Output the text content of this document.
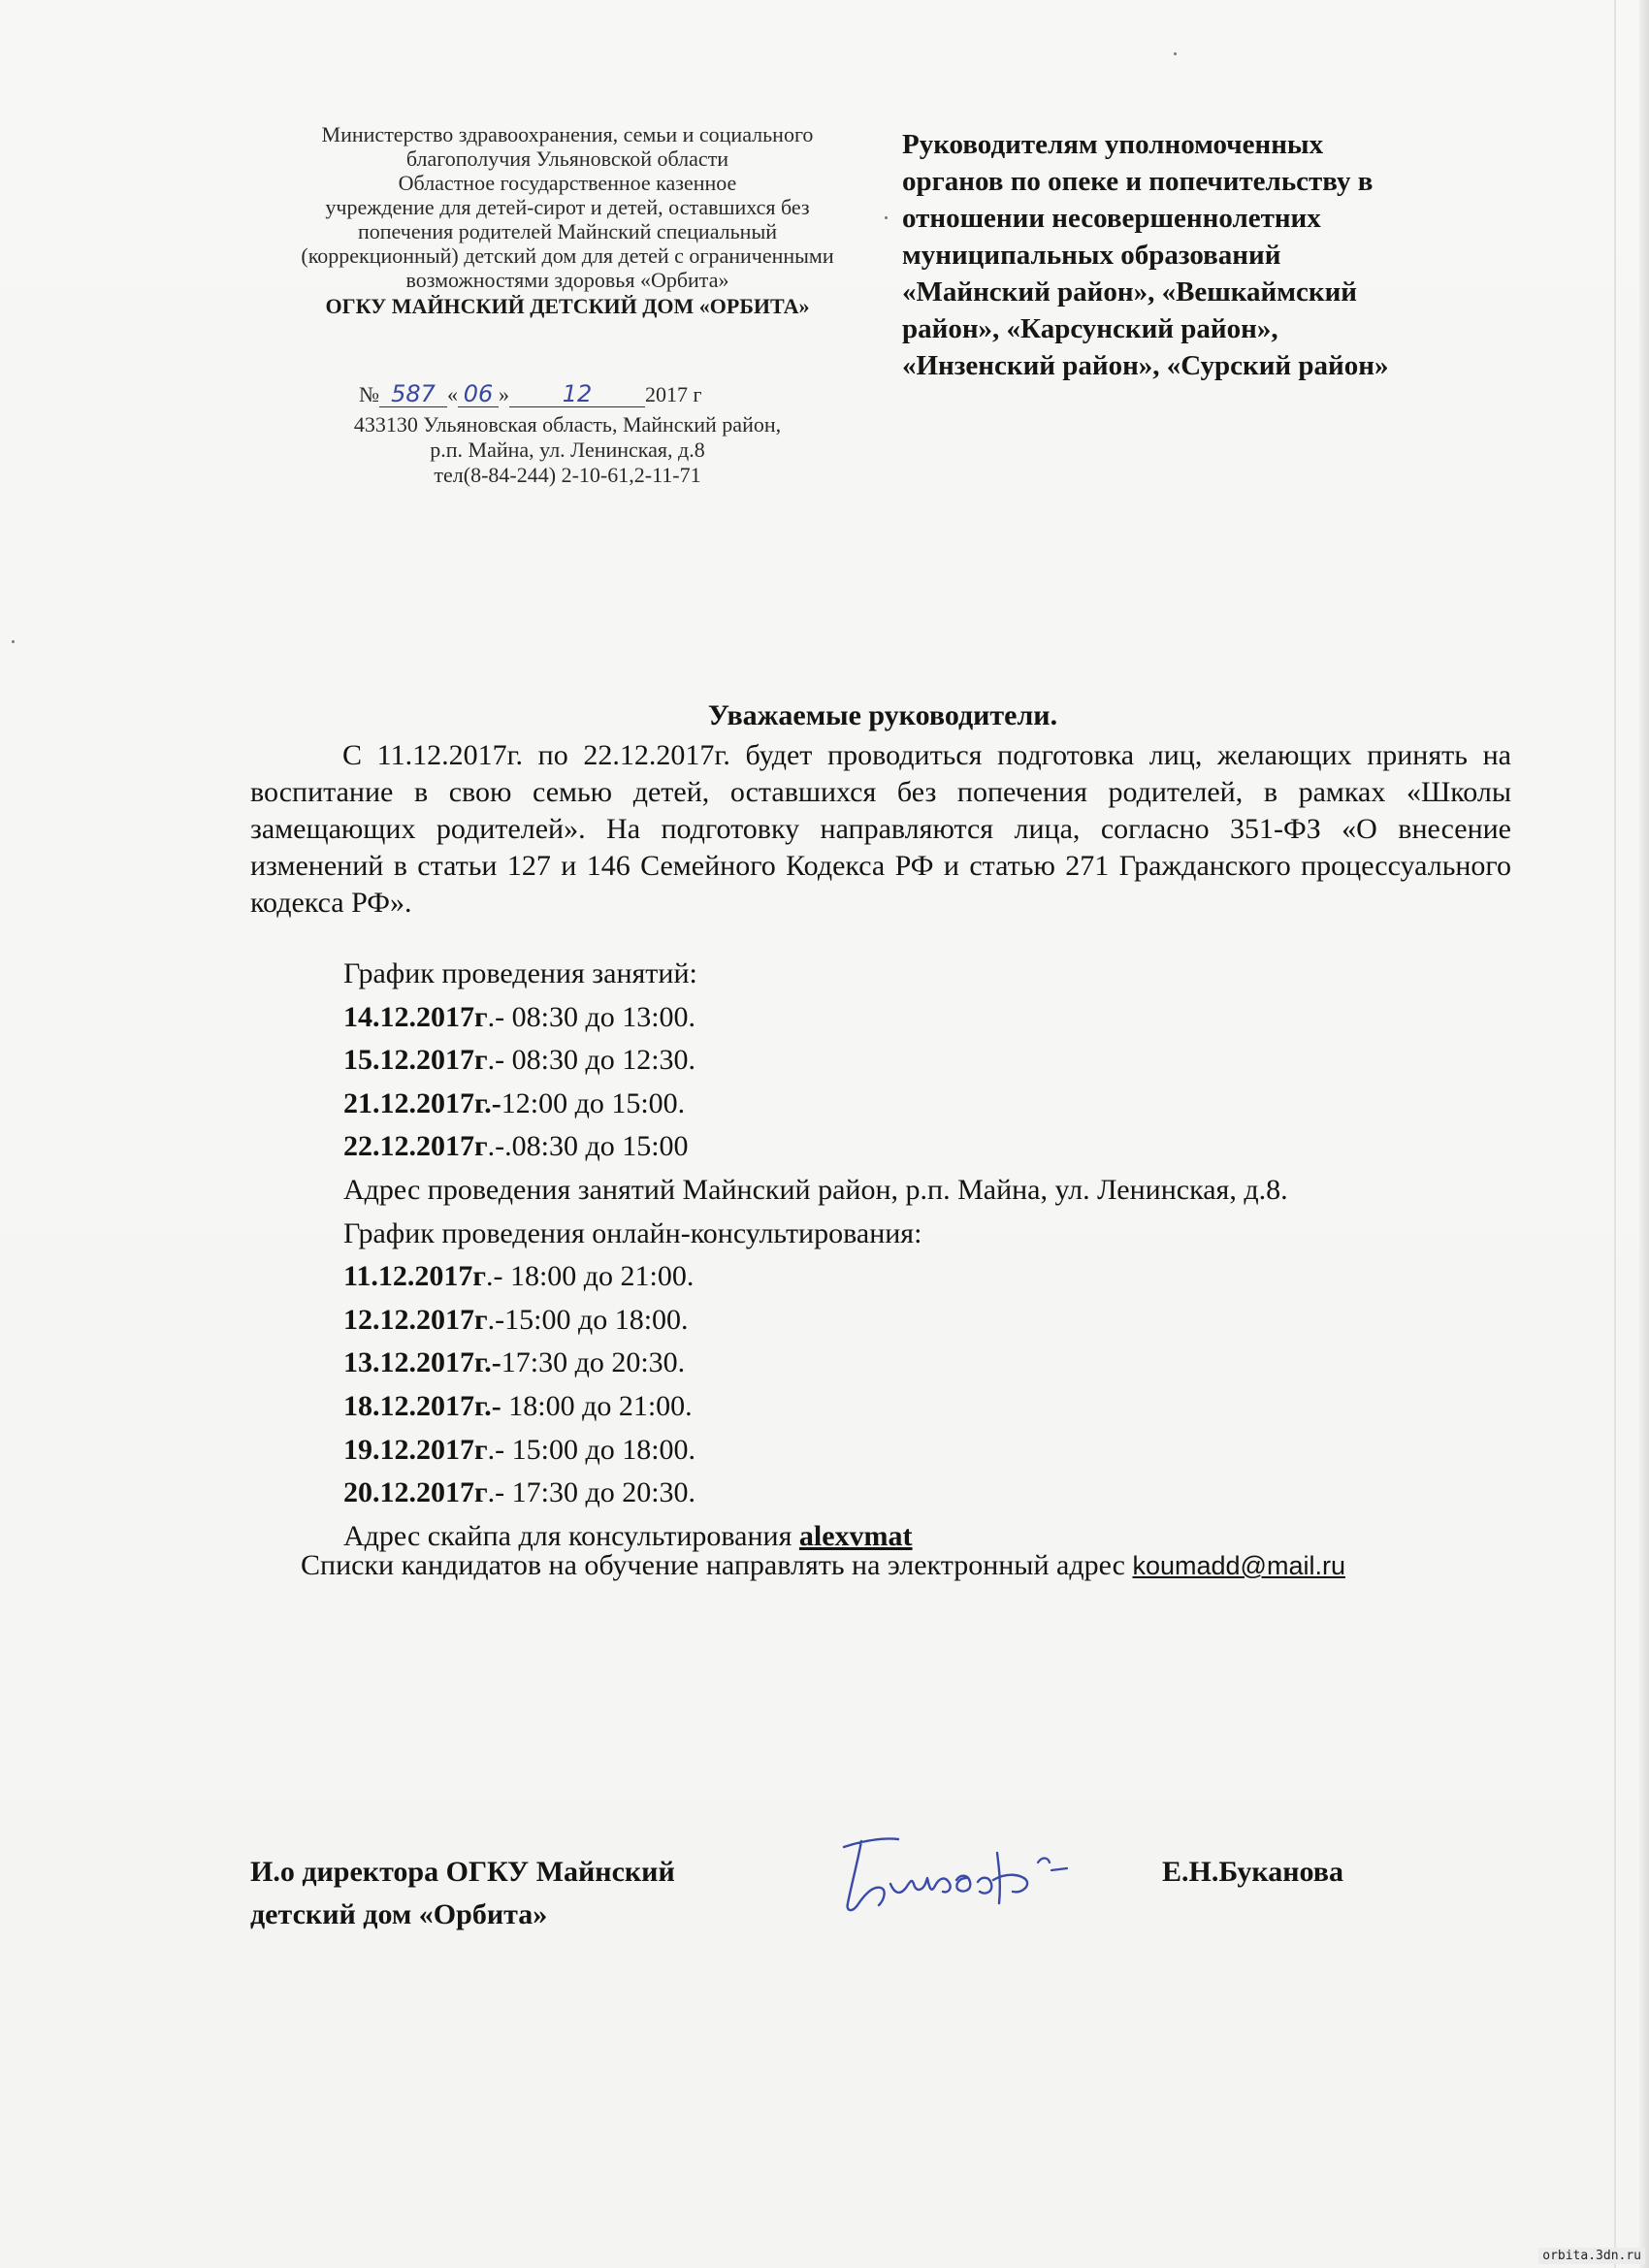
Министерство здравоохранения, семьи и социального
благополучия Ульяновской области
Областное государственное казенное
учреждение для детей-сирот и детей, оставшихся без
попечения родителей Майнский специальный
(коррекционный) детский дом для детей с ограниченными
возможностями здоровья «Орбита»
ОГКУ МАЙНСКИЙ ДЕТСКИЙ ДОМ «ОРБИТА»
№ 587 « 06 » 12 2017 г
433130 Ульяновская область, Майнский район,
р.п. Майна, ул. Ленинская, д.8
тел(8-84-244) 2-10-61,2-11-71
Руководителям уполномоченных
органов по опеке и попечительству в
отношении несовершеннолетних
муниципальных образований
«Майнский район», «Вешкаймский
район», «Карсунский район»,
«Инзенский район», «Сурский район»
Уважаемые руководители.

С 11.12.2017г. по 22.12.2017г. будет проводиться подготовка лиц, желающих принять на воспитание в свою семью детей, оставшихся без попечения родителей, в рамках «Школы замещающих родителей». На подготовку направляются лица, согласно 351-ФЗ «О внесение изменений в статьи 127 и 146 Семейного Кодекса РФ и статью 271 Гражданского процессуального кодекса РФ».

График проведения занятий:
14.12.2017г.- 08:30 до 13:00.
15.12.2017г.- 08:30 до 12:30.
21.12.2017г.-12:00 до 15:00.
22.12.2017г.-.08:30 до 15:00
Адрес проведения занятий Майнский район, р.п. Майна, ул. Ленинская, д.8.
График проведения онлайн-консультирования:
11.12.2017г.- 18:00 до 21:00.
12.12.2017г.-15:00 до 18:00.
13.12.2017г.-17:30 до 20:30.
18.12.2017г.- 18:00 до 21:00.
19.12.2017г.- 15:00 до 18:00.
20.12.2017г.- 17:30 до 20:30.
Адрес скайпа для консультирования alexvmat
Списки кандидатов на обучение направлять на электронный адрес koumadd@mail.ru
И.о директора ОГКУ Майнский
детский дом «Орбита»
Е.Н.Буканова
orbita.3dn.ru
